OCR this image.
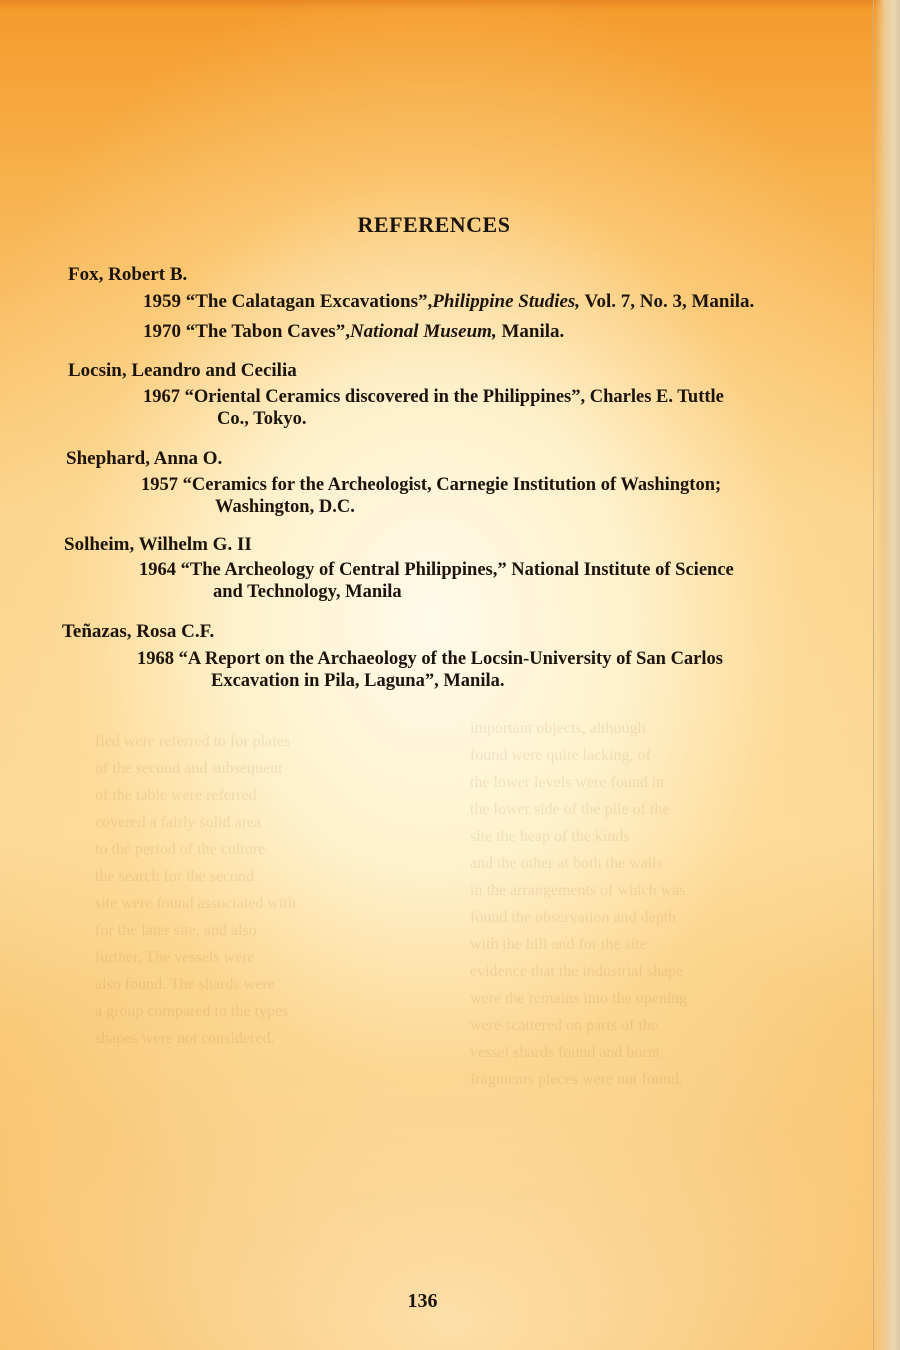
fied were referred to for plates
of the second and subsequent
of the table were referred
covered a fairly solid area
to the period of the culture
the search for the second
site were found associated with
for the later site, and also
further. The vessels were
also found. The shards were
a group compared to the types
shapes were not considered.
important objects, although
found were quite lacking, of
the lower levels were found in
the lower side of the pile of the
site the heap of the kinds
and the other at both the walls
in the arrangements of which was
found the observation and depth
with the hill and for the site
evidence that the industrial shape
were the remains into the opening
were scattered on parts of the
vessel shards found and burnt
fragments pieces were not found.
REFERENCES
Fox, Robert B.
1959 “The Calatagan Excavations”,Philippine Studies, Vol. 7, No. 3, Manila.
1970 “The Tabon Caves”,National Museum, Manila.
Locsin, Leandro and Cecilia
1967 “Oriental Ceramics discovered in the Philippines”, Charles E. Tuttle
Co., Tokyo.
Shephard, Anna O.
1957 “Ceramics for the Archeologist, Carnegie Institution of Washington;
Washington, D.C.
Solheim, Wilhelm G. II
1964 “The Archeology of Central Philippines,” National Institute of Science
and Technology, Manila
Teñazas, Rosa C.F.
1968 “A Report on the Archaeology of the Locsin-University of San Carlos
Excavation in Pila, Laguna”, Manila.
136
